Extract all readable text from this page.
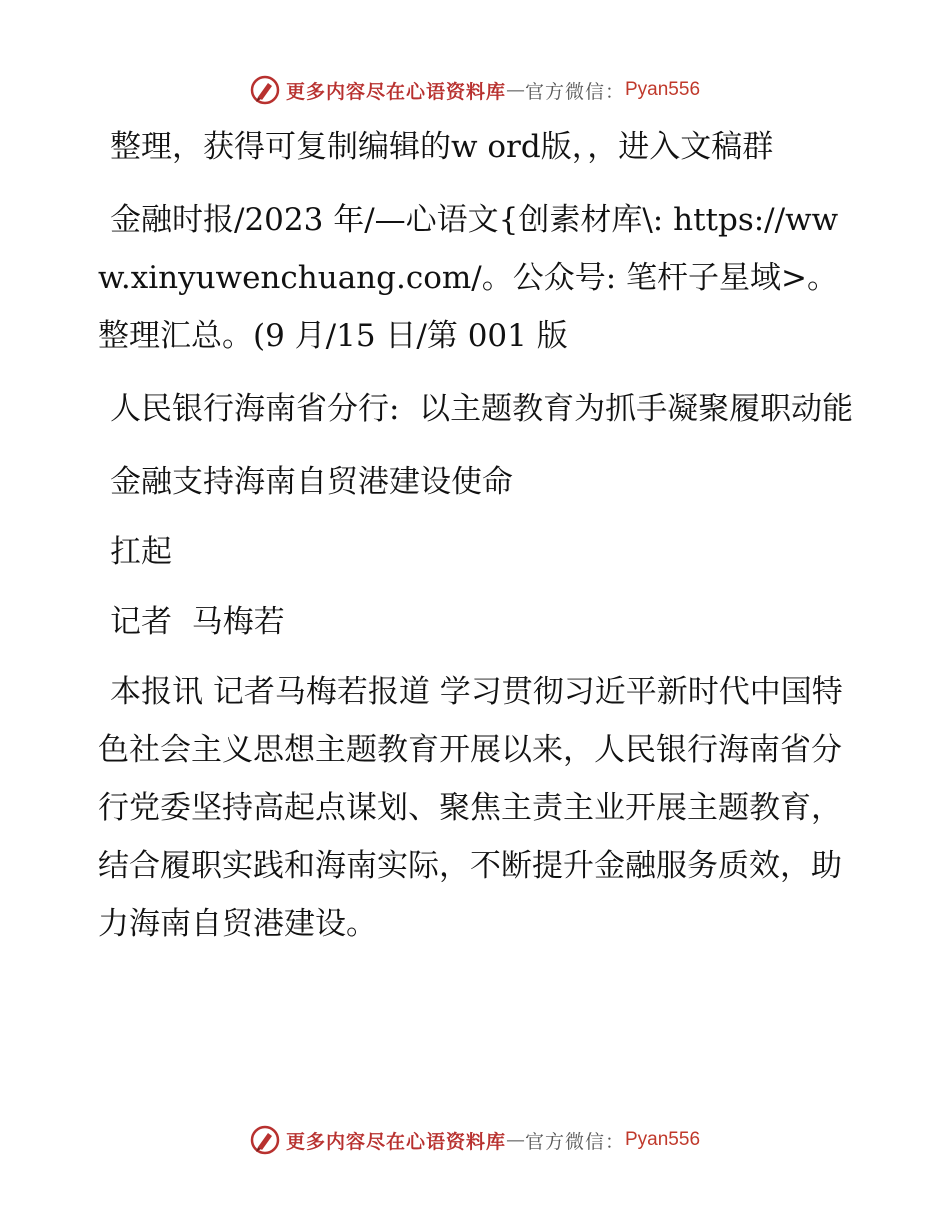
更多内容尽在心语资料库 — 官方微信： Pyan556

整理，获得可复制编辑的w ord版，，进入文稿群

金融时报/2023 年/—心语文{创素材库\: https://www.xinyuwenchuang.com/。公众号: 笔杆子星域>。整理汇总。(9 月/15 日/第 001 版

人民银行海南省分行:  以主题教育为抓手凝聚履职动能

金融支持海南自贸港建设使命

扛起

记者  马梅若

本报讯 记者马梅若报道 学习贯彻习近平新时代中国特色社会主义思想主题教育开展以来，人民银行海南省分行党委坚持高起点谋划、聚焦主责主业开展主题教育，结合履职实践和海南实际，不断提升金融服务质效，助力海南自贸港建设。

更多内容尽在心语资料库 — 官方微信： Pyan556
